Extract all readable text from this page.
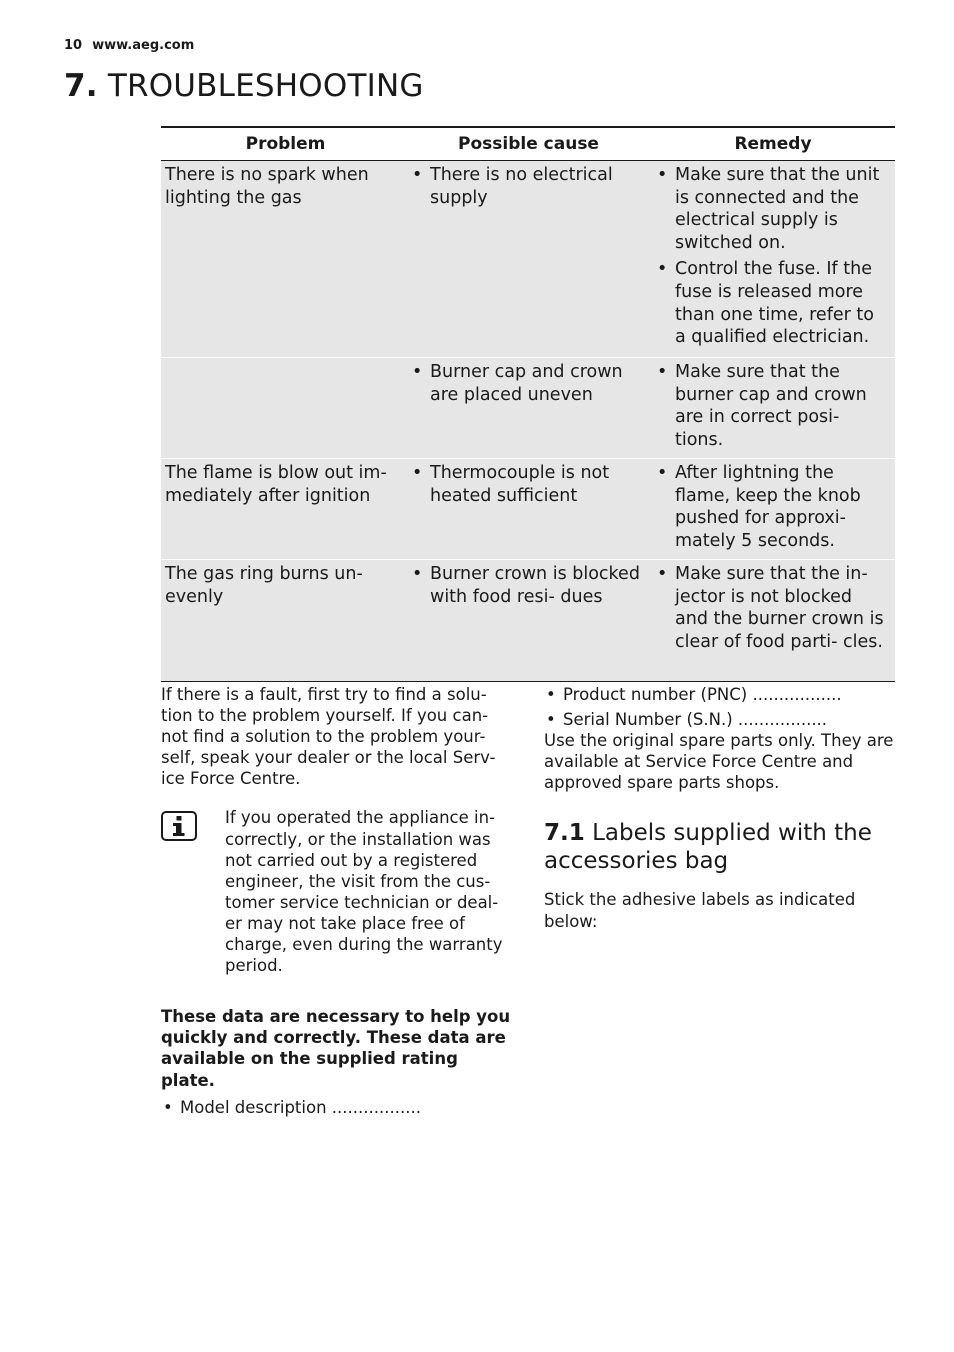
10 www.aeg.com
7. TROUBLESHOOTING
Problem	Possible cause	Remedy
There is no spark when lighting the gas
• There is no electrical supply
• Make sure that the unit is connected and the electrical supply is switched on.
• Control the fuse. If the fuse is released more than one time, refer to a qualified electrician.
• Burner cap and crown are placed uneven
• Make sure that the burner cap and crown are in correct posi- tions.
The flame is blow out im- mediately after ignition
• Thermocouple is not heated sufficient
• After lightning the flame, keep the knob pushed for approxi- mately 5 seconds.
The gas ring burns un- evenly
• Burner crown is blocked with food resi- dues
• Make sure that the in- jector is not blocked and the burner crown is clear of food parti- cles.

If there is a fault, first try to find a solu- tion to the problem yourself. If you can- not find a solution to the problem your- self, speak your dealer or the local Serv- ice Force Centre.

If you operated the appliance in- correctly, or the installation was not carried out by a registered engineer, the visit from the cus- tomer service technician or deal- er may not take place free of charge, even during the warranty period.

These data are necessary to help you quickly and correctly. These data are available on the supplied rating plate.

• Model description .................
• Product number (PNC) .................
• Serial Number (S.N.) .................

Use the original spare parts only. They are available at Service Force Centre and approved spare parts shops.

7.1 Labels supplied with the accessories bag

Stick the adhesive labels as indicated below:
